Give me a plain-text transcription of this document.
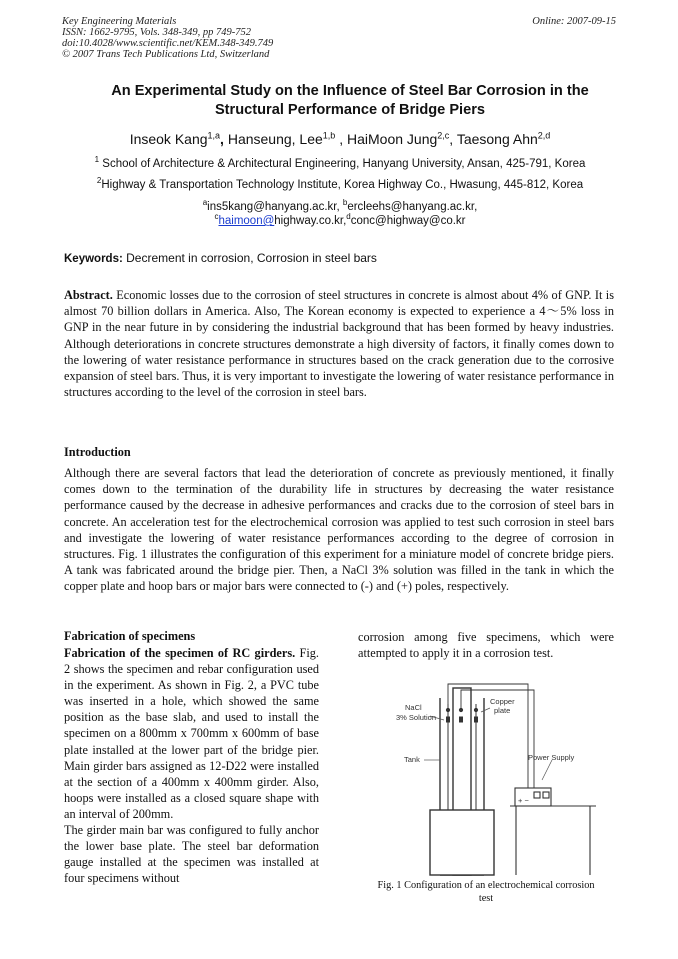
Key Engineering Materials
ISSN: 1662-9795, Vols. 348-349, pp 749-752
doi:10.4028/www.scientific.net/KEM.348-349.749
© 2007 Trans Tech Publications Ltd, Switzerland
Online: 2007-09-15
An Experimental Study on the Influence of Steel Bar Corrosion in the
Structural Performance of Bridge Piers
Inseok Kang$^{1,a}$, Hanseung, Lee$^{1,b}$ , HaiMoon Jung$^{2,c}$, Taesong Ahn$^{2,d}$
$^1$ School of Architecture & Architectural Engineering, Hanyang University, Ansan, 425-791, Korea
$^2$Highway & Transportation Technology Institute, Korea Highway Co., Hwasung, 445-812, Korea
$^a$ins5kang@hanyang.ac.kr, $^b$ercleehs@hanyang.ac.kr,
$^c$haimoon@highway.co.kr,$^d$conc@highway@co.kr
Keywords: Decrement in corrosion, Corrosion in steel bars
Abstract. Economic losses due to the corrosion of steel structures in concrete is almost about 4% of GNP. It is almost 70 billion dollars in America. Also, The Korean economy is expected to experience a 4～5% loss in GNP in the near future in by considering the industrial background that has been formed by heavy industries. Although deteriorations in concrete structures demonstrate a high diversity of factors, it finally comes down to the lowering of water resistance performance in structures based on the crack generation due to the corrosive expansion of steel bars. Thus, it is very important to investigate the lowering of water resistance performance in structures according to the level of the corrosion in steel bars.
Introduction
Although there are several factors that lead the deterioration of concrete as previously mentioned, it finally comes down to the termination of the durability life in structures by decreasing the water resistance performance caused by the decrease in adhesive performances and cracks due to the corrosion of steel bars in concrete. An acceleration test for the electrochemical corrosion was applied to test such corrosion in steel bars and investigate the lowering of water resistance performances according to the degree of corrosion in structures. Fig. 1 illustrates the configuration of this experiment for a miniature model of concrete bridge piers. A tank was fabricated around the bridge pier. Then, a NaCl 3% solution was filled in the tank in which the copper plate and hoop bars or major bars were connected to (-) and (+) poles, respectively.
Fabrication of specimens
Fabrication of the specimen of RC girders. Fig. 2 shows the specimen and rebar configuration used in the experiment. As shown in Fig. 2, a PVC tube was inserted in a hole, which showed the same position as the base slab, and used to install the specimen on a 800mm x 700mm x 600mm of base plate installed at the lower part of the bridge pier. Main girder bars assigned as 12-D22 were installed at the section of a 400mm x 400mm girder. Also, hoops were installed as a closed square shape with an interval of 200mm.
The girder main bar was configured to fully anchor the lower base plate. The steel bar deformation gauge installed at the specimen was installed at four specimens without
corrosion among five specimens, which were attempted to apply it in a corrosion test.
+ −
NaCl
3% Solution
Copper
plate
Tank	Power Supply
Fig. 1 Configuration of an electrochemical corrosion
test
